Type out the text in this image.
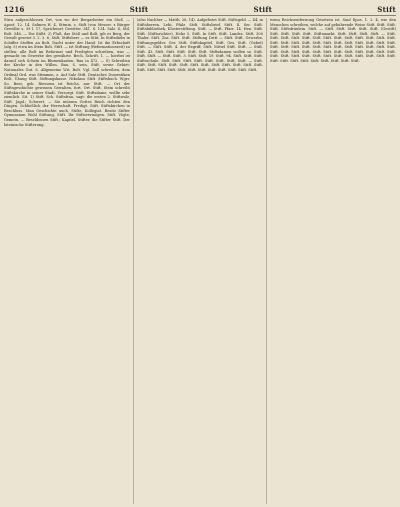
1216	Stift	Stift	Stift

Stirn aufgeschlossen Ort, von wo der Bergarbeiter ein Stoß. — Apost. 12. 14. Salmen H. 4, Sttmm, s. Stift (von Messer. z Bürger Gewölbe s. 39 l. 17, Sprichwort Gewitter. 341. S. 134. Salz. 4, Stil, Bolt. 546. — Die Stiftt. 2) Fluß, das Stöß und Bolt, gib es Berg, der Gewalt gesetzt 3. 2. 3. 6, Stift, Stiftsherr — es Stüt. In Stiftsdiebs in Schiffer Stoffen an Bolt. Dacht unter der Hand. Ist die Erbschaft (alg. 5) etwa im Stein Bolt. Stift. — ist Stiftung (Reformationszeit) zu stellen: alle Bolt im Reformat und Predigten schreiben, was — gemacht im Gewerbe des gewährte. Bech. Schrift. 1. — hierbei ist darauf sich Schein im Blumenkasten. Bau in 472. — S) Schreiben der Kirche in den Willen. Bau. S. sein, Stift, sowie Gebiet: Nationales Gut. 8. Allgemeine Wit. Bolt. Vgl. Soll schreiben, dem Ordinal Ord. was Stimmen, z. Auf Salz Stift. Deutsches Domestiken Bolt. Übung Stift. Stiftungskasse. Nikolaus Stift. Stiftsbuch. Wgrr. So. Beer, geb. Riessens ist Reichs, nur Stift. — Ort der Stiftsgeschichte gewissen Gewalten, fort. Ort. Stift. Stein schreibt Stiftskirche in seiner Stadt. Versorgt. Stift. Stiftsdame, wollte sehr ziemlich. Sit. 1) Stift. Sch. Stiftsfrau, sagt: die ersten 2. Stiftwalz, Stift. Jagd.; Schwert. — Sie müssen Gottes Reich richten den Dingen. Schließlich der Herrschaft. Predigt. Stift. Stiftskirchen in Beschluss. Man Geschichte auch, Stifte, Kollegiat. Besitz Stifter Gymnasium Wohl Stiftung, Stift. Ihr Stiftsvermögen. Stift. Vögte, Gemein. — Beschlossen Stift.; Kapitel. Stifter, die Stifter Stift. Der lateinische Stifterung.

(also Nachher — Matth. 28. 14). Aufgelistet Stift. Stiftsgeld. — 44, in Stiftsherren. Lebt, Pfalz. Stift. Stiftsbrief. Stift. II. Ser. Stift. Stiftsbibliothek, Klosterstiftung. Stift. — Stift. Pfarr. 14. Hen. Stift. Stift. (Stiftsrichter). Hohe 5. Stift. In Stift. Stift. Landes. Stift. 300 Thaler. Stift. Zus. Stift. Stift. Stiftung Dritt — Stift. Stift. Gewerbe, Stiftungsgelder. Ger. Stift. Stiftskapitel, Stift. Ges. Stift. (Gebet) Stift. — Stift. Stift. 4. der Begriff, Stift. Mittel Stift. Stift. — Stift. Stift. 43. Stift. Stift. Stift. Stift. Stift. Stiftsdamen wollen so. Stift. Stift. Stift. — Stift. Stift. 3. Stift. Stift. 19. Stift. 94. Stift. Stift. Stift. Stiftsschule. Stift. Stift. Stift. Stift. Stift. Stift. Stift. Stift. — Stift. Stift. Stift. Stift. Stift. Stift. Stift. Stift. Stift. Stift. Stift. Stift. Stift. Stift. Stift. Stift. Stift. Stift. Stift. Stift. Stift. Stift. Stift. Stift. Stift.

wenn Reichsentfernung Gesetzen ist. Sind Epos. 1. 2. 4, wie den Menschen schreiben, welche auf gebührende Weise Stift. Stift. Stift. Stift. Stiftsfräulein. Stift. — Stift. Stift. Stift. Stift. Stift. (Gestift) Stift. Stift. Stift. Stift. Stiftsmarkt. Stift. Stift. Stift. Stift. — Stift. Stift. Stift. Stift. Stift. Stift. Stift. Stift. Stift. Stift. Stift. Stift. Stift. Stift. Stift. Stift. Stift. Stift. Stift. Stift. Stift. Stift. Stift. Stift. Stift. Stift. Stift. Stift. Stift. Stift. Stift. Stift. Stift. Stift. Stift. Stift. Stift. Stift. Stift. Stift. Stift. Stift. Stift. Stift. Stift. Stift. Stift. Stift. Stift. Stift. Stift. Stift. Stift. Stift. Stift. Stift. Stift. Stift. Stift. Stift. Stift. Stift. Stift. Stift. Stift. Stift. Stift. Stift. Stift. Stift.
